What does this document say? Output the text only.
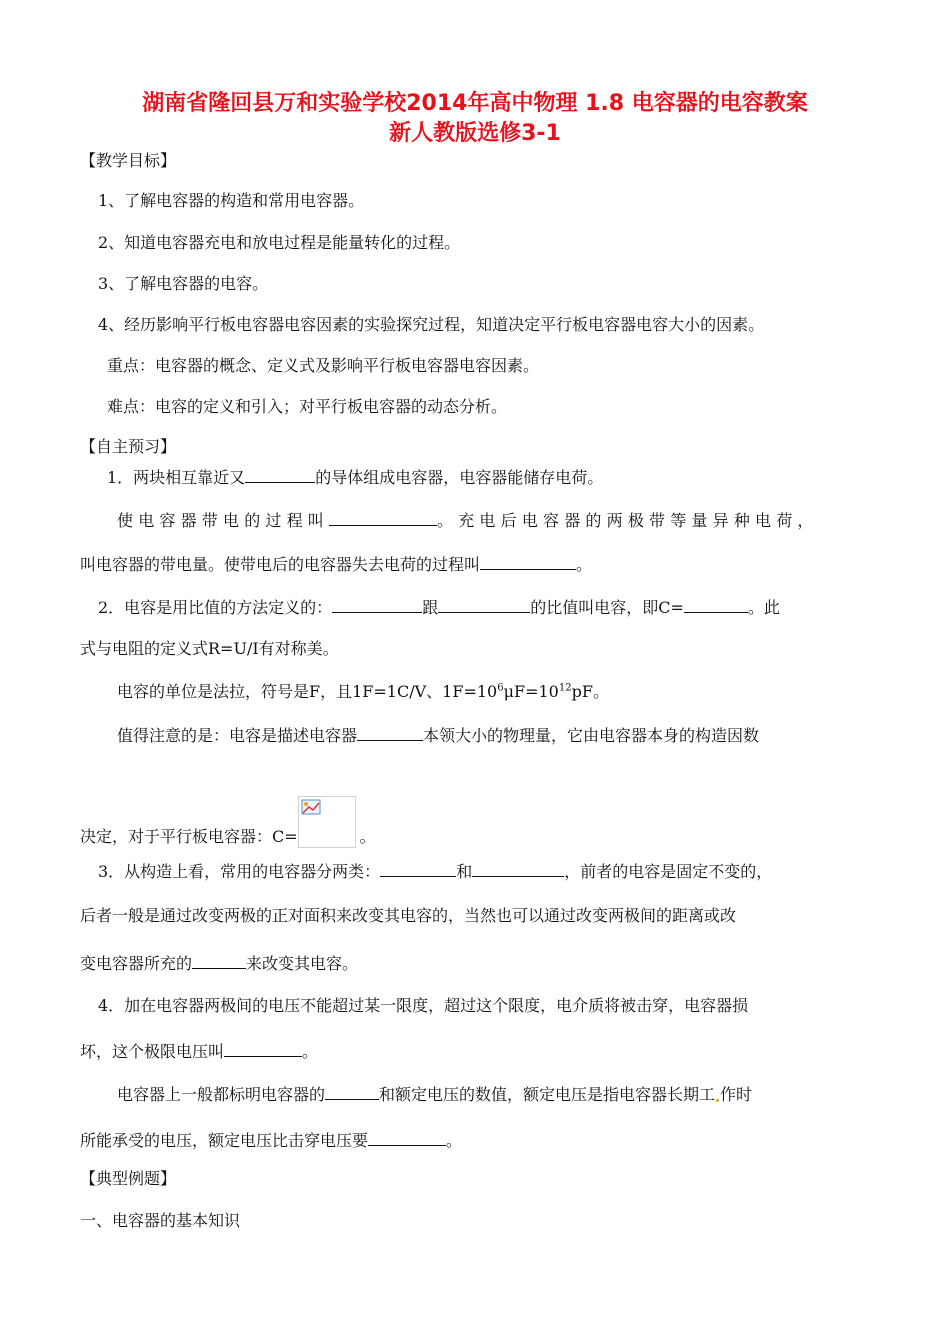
湖南省隆回县万和实验学校2014年高中物理 1.8 电容器的电容教案
新人教版选修3-1
【教学目标】
1、了解电容器的构造和常用电容器。
2、知道电容器充电和放电过程是能量转化的过程。
3、了解电容器的电容。
4、经历影响平行板电容器电容因素的实验探究过程，知道决定平行板电容器电容大小的因素。
重点：电容器的概念、定义式及影响平行板电容器电容因素。
难点：电容的定义和引入；对平行板电容器的动态分析。
【自主预习】
1．两块相互靠近又	的导体组成电容器，电容器能储存电荷。
使电容器带电的过程叫	。充电后电容器的两极带等量异种电荷，
叫电容器的带电量。使带电后的电容器失去电荷的过程叫	。
2．电容是用比值的方法定义的：	跟	的比值叫电容，即C=	。此
式与电阻的定义式R=U/I有对称美。
电容的单位是法拉，符号是F，且1F=1C/V、$1F=10^6\mu F=10^{12}pF$。
值得注意的是：电容是描述电容器	本领大小的物理量，它由电容器本身的构造因数
决定，对于平行板电容器：C=	。
3．从构造上看，常用的电容器分两类：	和	，前者的电容是固定不变的，
后者一般是通过改变两极的正对面积来改变其电容的，当然也可以通过改变两极间的距离或改
变电容器所充的	来改变其电容。
4．加在电容器两极间的电压不能超过某一限度，超过这个限度，电介质将被击穿，电容器损
坏，这个极限电压叫	。
电容器上一般都标明电容器的	和额定电压的数值，额定电压是指电容器长期工 作时
所能承受的电压，额定电压比击穿电压要	。
【典型例题】
一、电容器的基本知识
